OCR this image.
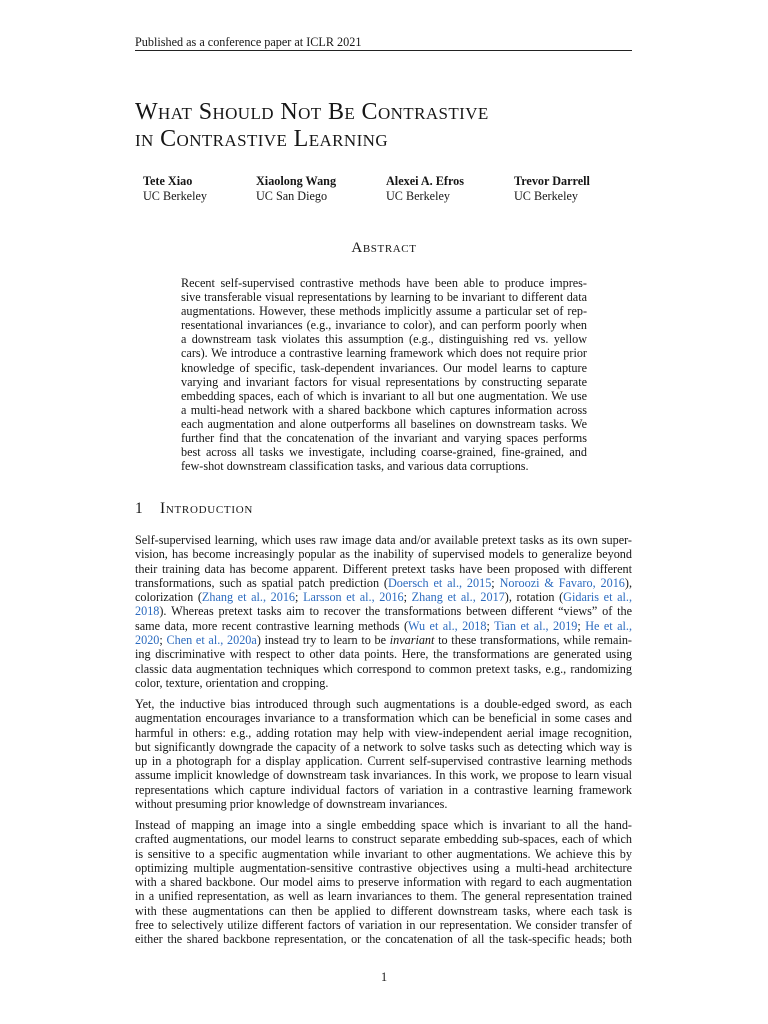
Published as a conference paper at ICLR 2021
What Should Not Be Contrastive
in Contrastive Learning
Tete Xiao
UC Berkeley
Xiaolong Wang
UC San Diego
Alexei A. Efros
UC Berkeley
Trevor Darrell
UC Berkeley
Abstract
Recent self-supervised contrastive methods have been able to produce impres-
sive transferable visual representations by learning to be invariant to different data
augmentations. However, these methods implicitly assume a particular set of rep-
resentational invariances (e.g., invariance to color), and can perform poorly when
a downstream task violates this assumption (e.g., distinguishing red vs. yellow
cars). We introduce a contrastive learning framework which does not require prior
knowledge of specific, task-dependent invariances. Our model learns to capture
varying and invariant factors for visual representations by constructing separate
embedding spaces, each of which is invariant to all but one augmentation. We use
a multi-head network with a shared backbone which captures information across
each augmentation and alone outperforms all baselines on downstream tasks. We
further find that the concatenation of the invariant and varying spaces performs
best across all tasks we investigate, including coarse-grained, fine-grained, and
few-shot downstream classification tasks, and various data corruptions.
1 Introduction
Self-supervised learning, which uses raw image data and/or available pretext tasks as its own super-
vision, has become increasingly popular as the inability of supervised models to generalize beyond
their training data has become apparent. Different pretext tasks have been proposed with different
transformations, such as spatial patch prediction (Doersch et al., 2015; Noroozi & Favaro, 2016),
colorization (Zhang et al., 2016; Larsson et al., 2016; Zhang et al., 2017), rotation (Gidaris et al.,
2018). Whereas pretext tasks aim to recover the transformations between different “views” of the
same data, more recent contrastive learning methods (Wu et al., 2018; Tian et al., 2019; He et al.,
2020; Chen et al., 2020a) instead try to learn to be invariant to these transformations, while remain-
ing discriminative with respect to other data points. Here, the transformations are generated using
classic data augmentation techniques which correspond to common pretext tasks, e.g., randomizing
color, texture, orientation and cropping.
Yet, the inductive bias introduced through such augmentations is a double-edged sword, as each
augmentation encourages invariance to a transformation which can be beneficial in some cases and
harmful in others: e.g., adding rotation may help with view-independent aerial image recognition,
but significantly downgrade the capacity of a network to solve tasks such as detecting which way is
up in a photograph for a display application. Current self-supervised contrastive learning methods
assume implicit knowledge of downstream task invariances. In this work, we propose to learn visual
representations which capture individual factors of variation in a contrastive learning framework
without presuming prior knowledge of downstream invariances.
Instead of mapping an image into a single embedding space which is invariant to all the hand-
crafted augmentations, our model learns to construct separate embedding sub-spaces, each of which
is sensitive to a specific augmentation while invariant to other augmentations. We achieve this by
optimizing multiple augmentation-sensitive contrastive objectives using a multi-head architecture
with a shared backbone. Our model aims to preserve information with regard to each augmentation
in a unified representation, as well as learn invariances to them. The general representation trained
with these augmentations can then be applied to different downstream tasks, where each task is
free to selectively utilize different factors of variation in our representation. We consider transfer of
either the shared backbone representation, or the concatenation of all the task-specific heads; both
1
